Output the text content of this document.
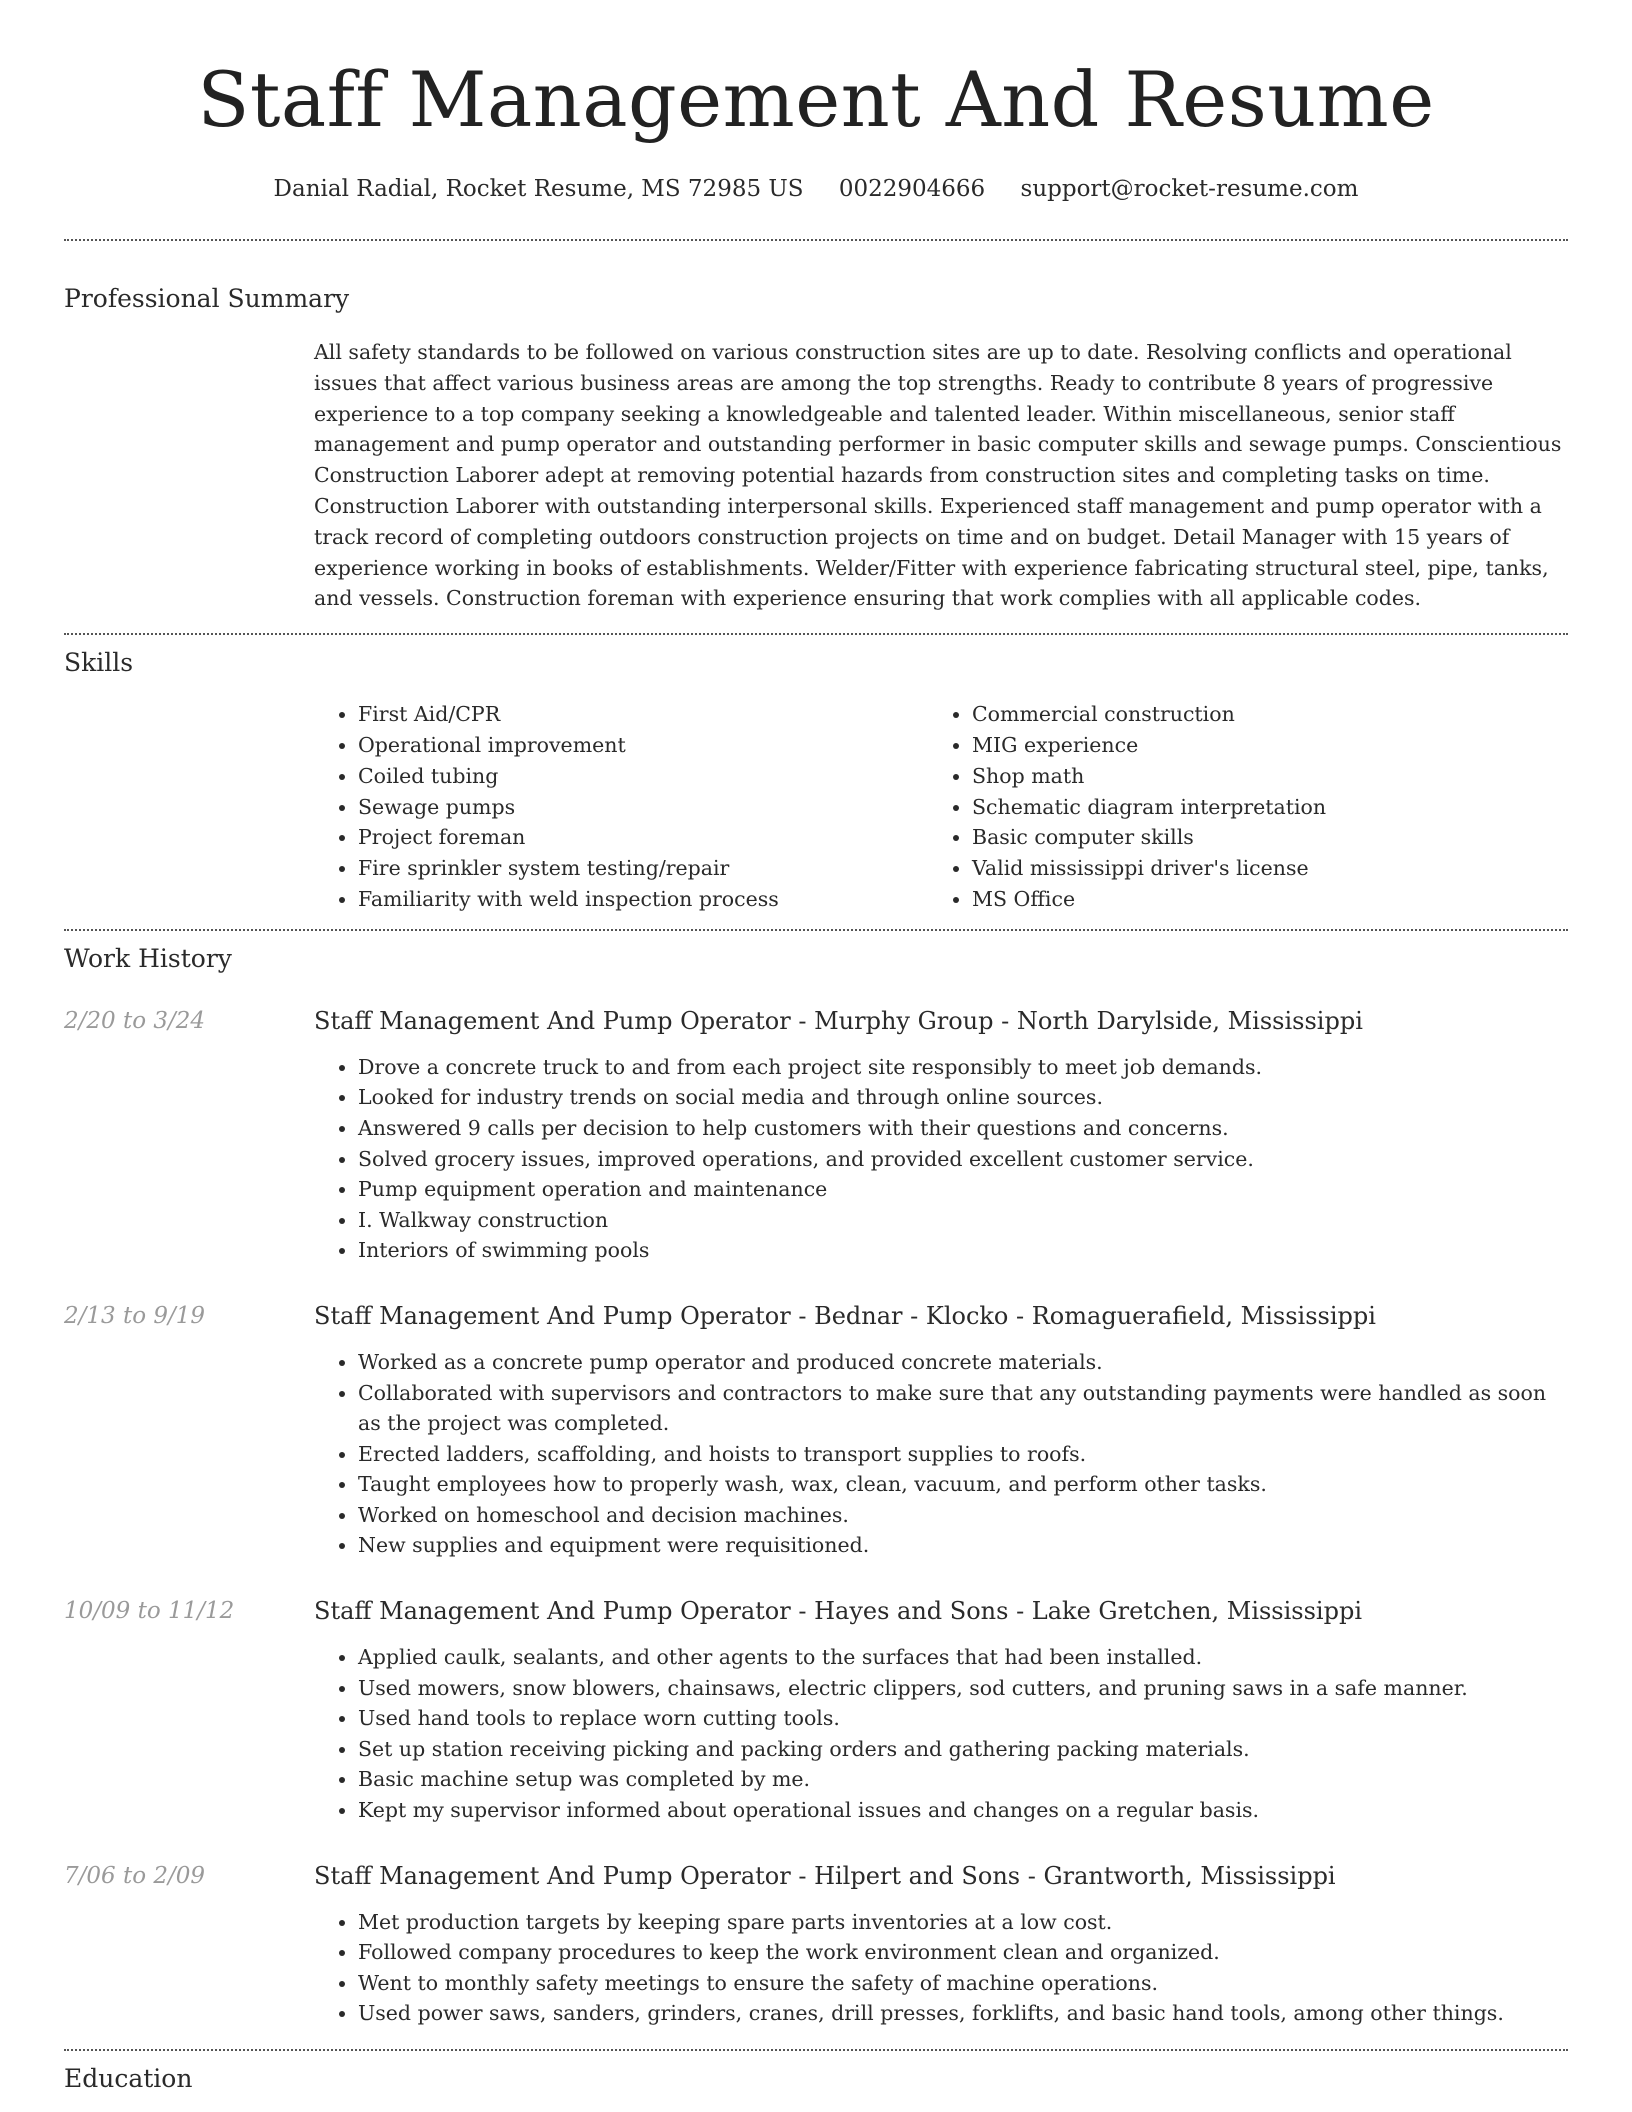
Staff Management And Resume
Danial Radial, Rocket Resume, MS 72985 US 0022904666 support@rocket-resume.com
Professional Summary
All safety standards to be followed on various construction sites are up to date. Resolving conflicts and operational issues that affect various business areas are among the top strengths. Ready to contribute 8 years of progressive experience to a top company seeking a knowledgeable and talented leader. Within miscellaneous, senior staff management and pump operator and outstanding performer in basic computer skills and sewage pumps. Conscientious Construction Laborer adept at removing potential hazards from construction sites and completing tasks on time. Construction Laborer with outstanding interpersonal skills. Experienced staff management and pump operator with a track record of completing outdoors construction projects on time and on budget. Detail Manager with 15 years of experience working in books of establishments. Welder/Fitter with experience fabricating structural steel, pipe, tanks, and vessels. Construction foreman with experience ensuring that work complies with all applicable codes.
Skills
• First Aid/CPR
• Operational improvement
• Coiled tubing
• Sewage pumps
• Project foreman
• Fire sprinkler system testing/repair
• Familiarity with weld inspection process
• Commercial construction
• MIG experience
• Shop math
• Schematic diagram interpretation
• Basic computer skills
• Valid mississippi driver's license
• MS Office
Work History
2/20 to 3/24	Staff Management And Pump Operator - Murphy Group - North Darylside, Mississippi
• Drove a concrete truck to and from each project site responsibly to meet job demands.
• Looked for industry trends on social media and through online sources.
• Answered 9 calls per decision to help customers with their questions and concerns.
• Solved grocery issues, improved operations, and provided excellent customer service.
• Pump equipment operation and maintenance
• I. Walkway construction
• Interiors of swimming pools
2/13 to 9/19	Staff Management And Pump Operator - Bednar - Klocko - Romaguerafield, Mississippi
• Worked as a concrete pump operator and produced concrete materials.
• Collaborated with supervisors and contractors to make sure that any outstanding payments were handled as soon as the project was completed.
• Erected ladders, scaffolding, and hoists to transport supplies to roofs.
• Taught employees how to properly wash, wax, clean, vacuum, and perform other tasks.
• Worked on homeschool and decision machines.
• New supplies and equipment were requisitioned.
10/09 to 11/12	Staff Management And Pump Operator - Hayes and Sons - Lake Gretchen, Mississippi
• Applied caulk, sealants, and other agents to the surfaces that had been installed.
• Used mowers, snow blowers, chainsaws, electric clippers, sod cutters, and pruning saws in a safe manner.
• Used hand tools to replace worn cutting tools.
• Set up station receiving picking and packing orders and gathering packing materials.
• Basic machine setup was completed by me.
• Kept my supervisor informed about operational issues and changes on a regular basis.
7/06 to 2/09	Staff Management And Pump Operator - Hilpert and Sons - Grantworth, Mississippi
• Met production targets by keeping spare parts inventories at a low cost.
• Followed company procedures to keep the work environment clean and organized.
• Went to monthly safety meetings to ensure the safety of machine operations.
• Used power saws, sanders, grinders, cranes, drill presses, forklifts, and basic hand tools, among other things.
Education
